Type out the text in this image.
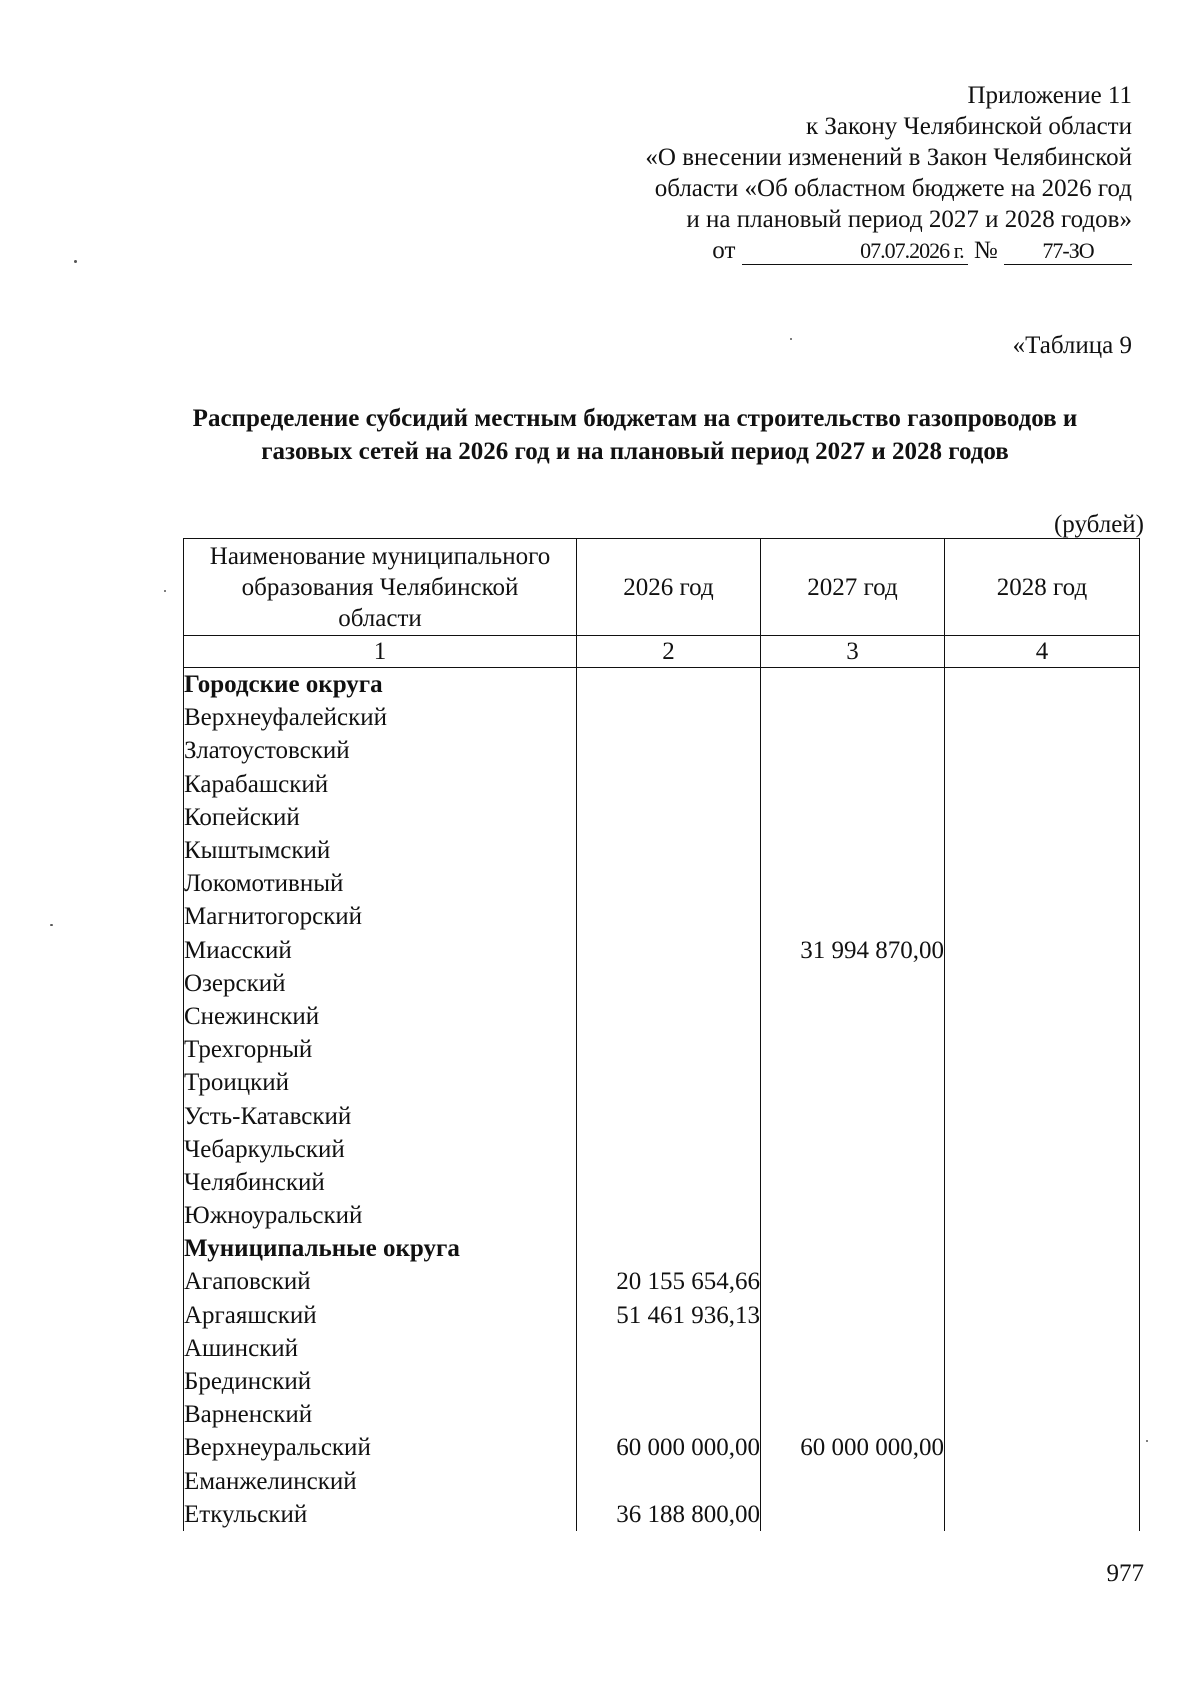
Приложение 11
к Закону Челябинской области
«О внесении изменений в Закон Челябинской
области «Об областном бюджете на 2026 год
и на плановый период 2027 и 2028 годов»
от	07.07.2026 г. № 77-ЗО
«Таблица 9
Распределение субсидий местным бюджетам на строительство газопроводов и
газовых сетей на 2026 год и на плановый период 2027 и 2028 годов
(рублей)
Наименование муниципального образования Челябинской области	2026 год	2027 год	2028 год
1	2	3	4
Городские округа			
Верхнеуфалейский			
Златоустовский			
Карабашский			
Копейский			
Кыштымский			
Локомотивный			
Магнитогорский			
Миасский		31 994 870,00	
Озерский			
Снежинский			
Трехгорный			
Троицкий			
Усть-Катавский			
Чебаркульский			
Челябинский			
Южноуральский			
Муниципальные округа			
Агаповский	20 155 654,66		
Аргаяшский	51 461 936,13		
Ашинский			
Брединский			
Варненский			
Верхнеуральский	60 000 000,00	60 000 000,00	
Еманжелинский			
Еткульский	36 188 800,00		
977
